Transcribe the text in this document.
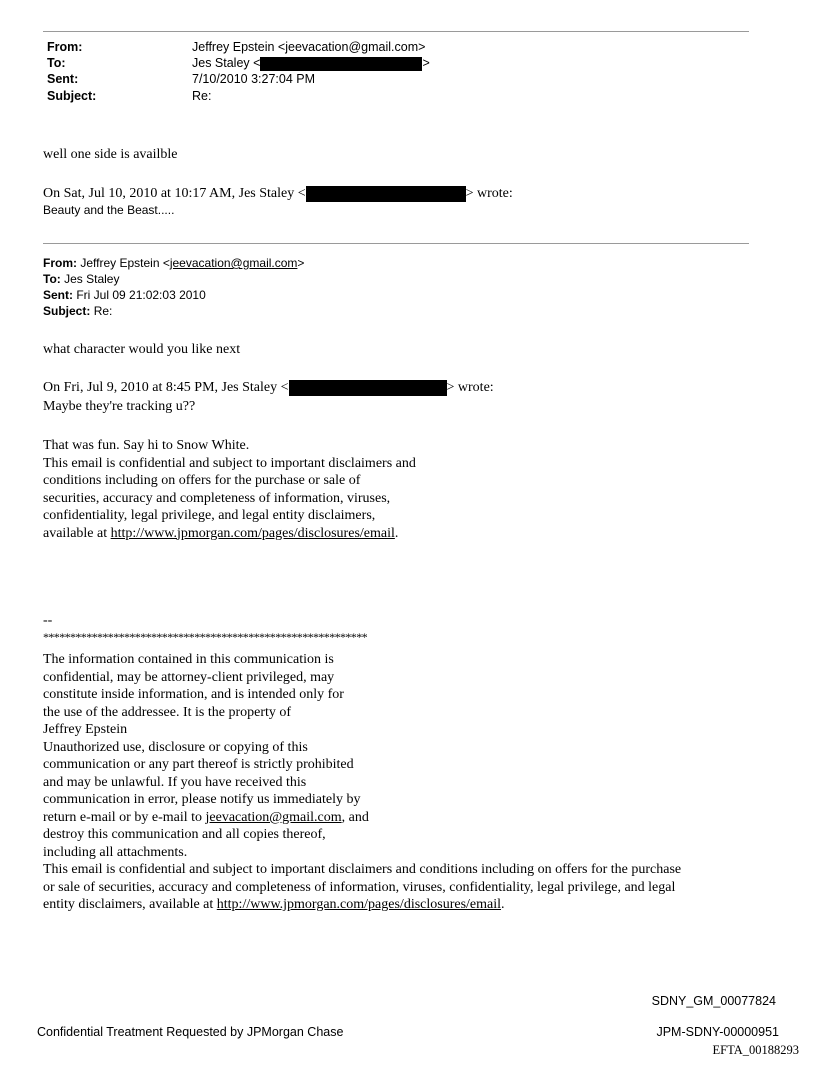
From:	Jeffrey Epstein <jeevacation@gmail.com>
To:	Jes Staley <	>
Sent:	7/10/2010 3:27:04 PM
Subject:	Re:
well one side is availble
On Sat, Jul 10, 2010 at 10:17 AM, Jes Staley <	> wrote:
Beauty and the Beast.....
From: Jeffrey Epstein <jeevacation@gmail.com>
To: Jes Staley
Sent: Fri Jul 09 21:02:03 2010
Subject: Re:
what character would you like next
On Fri, Jul 9, 2010 at 8:45 PM, Jes Staley <	> wrote:
Maybe they're tracking u??
That was fun. Say hi to Snow White.
This email is confidential and subject to important disclaimers and
conditions including on offers for the purchase or sale of
securities, accuracy and completeness of information, viruses,
confidentiality, legal privilege, and legal entity disclaimers,
available at http://www.jpmorgan.com/pages/disclosures/email.
--
************************************************************
The information contained in this communication is
confidential, may be attorney-client privileged, may
constitute inside information, and is intended only for
the use of the addressee. It is the property of
Jeffrey Epstein
Unauthorized use, disclosure or copying of this
communication or any part thereof is strictly prohibited
and may be unlawful. If you have received this
communication in error, please notify us immediately by
return e-mail or by e-mail to jeevacation@gmail.com, and
destroy this communication and all copies thereof,
including all attachments.
This email is confidential and subject to important disclaimers and conditions including on offers for the purchase
or sale of securities, accuracy and completeness of information, viruses, confidentiality, legal privilege, and legal
entity disclaimers, available at http://www.jpmorgan.com/pages/disclosures/email.
SDNY_GM_00077824
Confidential Treatment Requested by JPMorgan Chase	JPM-SDNY-00000951
EFTA_00188293
